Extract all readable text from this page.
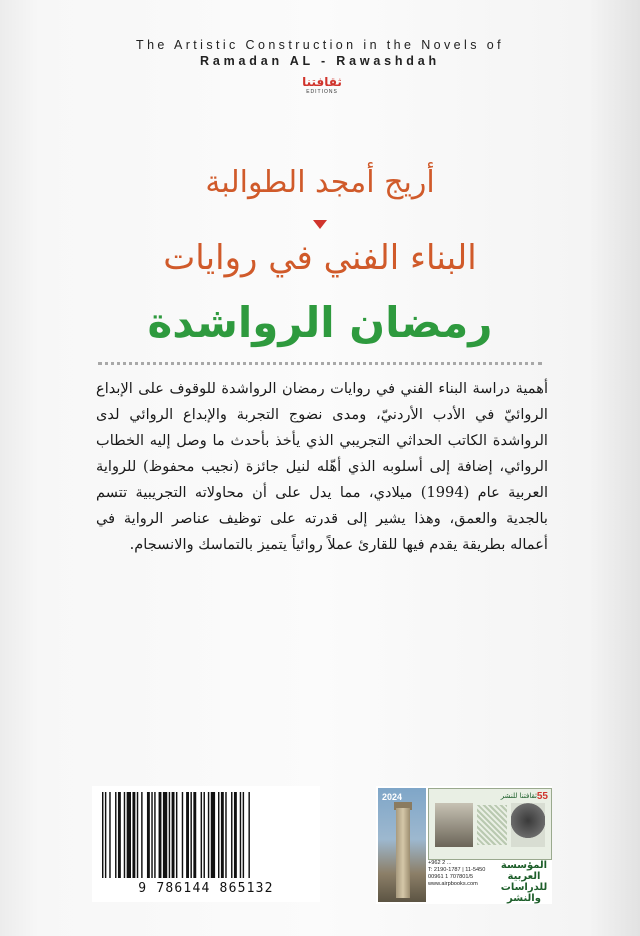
The Artistic Construction in the Novels of
Ramadan AL - Rawashdah
ثقافتنا
EDITIONS
أريج أمجد الطوالبة
البناء الفني في روايات
رمضان الرواشدة

أهمية دراسة البناء الفني في روايات رمضان الرواشدة للوقوف على الإبداع الروائيّ في الأدب الأردنيّ، ومدى نضوج التجربة والإبداع الروائي لدى الرواشدة الكاتب الحداثي التجريبي الذي يأخذ بأحدث ما وصل إليه الخطاب الروائي، إضافة إلى أسلوبه الذي أهّله لنيل جائزة (نجيب محفوظ) للرواية العربية عام (1994) ميلادي، مما يدل على أن محاولاته التجريبية تتسم بالجدية والعمق، وهذا يشير إلى قدرته على توظيف عناصر الرواية في أعماله بطريقة يقدم فيها للقارئ عملاً روائياً يتميز بالتماسك والانسجام.

9 786144 865132
2024	55
ثقافتنا للنشر
+962 2 ...
T: 2190-1787 | 11-5450
00961 1 707801/5
www.airpbooks.com
المؤسسة
العربية
للدراسات
والنشر
